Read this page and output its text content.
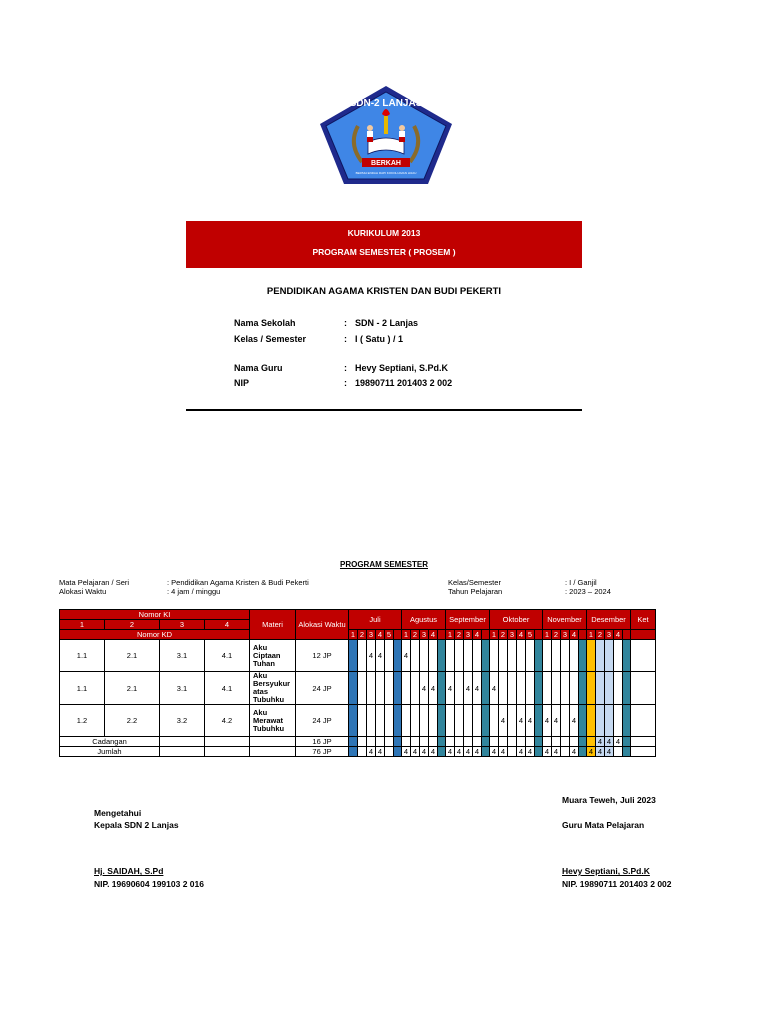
SDN-2 LANJAS
BERKAH
BERSIH ENDAH RAPI KOKOH AMAN HIJAU
KURIKULUM 2013
PROGRAM SEMESTER ( PROSEM )
PENDIDIKAN AGAMA KRISTEN DAN BUDI PEKERTI
Nama Sekolah	: SDN - 2 Lanjas
Kelas / Semester	: I ( Satu ) / 1
Nama Guru	: Hevy Septiani, S.Pd.K
NIP	: 19890711 201403 2 002
PROGRAM SEMESTER
Mata Pelajaran / Seri	: Pendidikan Agama Kristen & Budi Pekerti
Alokasi Waktu	: 4 jam / minggu
Kelas/Semester	: I / Ganjil
Tahun Pelajaran	: 2023 – 2024
Nomor KI				Materi	Alokasi Waktu	Juli						Agustus					September					Oktober						November					Desember					Ket
1	2	3	4																																			
Nomor KD						1	2	3	4	5		1	2	3	4		1	2	3	4		1	2	3	4	5		1	2	3	4		1	2	3	4		
1.1	2.1	3.1	4.1	Aku Ciptaan Tuhan	12 JP			4	4			4																										
1.1	2.1	3.1	4.1	Aku Bersyukur atas Tubuhku	24 JP									4	4		4		4	4		4																
1.2	2.2	3.2	4.2	Aku Merawat Tubuhku	24 JP																		4		4	4		4	4		4							
Cadangan					16 JP																													4	4	4		
Jumlah					76 JP			4	4			4	4	4	4		4	4	4	4		4	4		4	4		4	4		4		4	4	4			
Muara Teweh, Juli 2023
Mengetahui
Kepala SDN 2 Lanjas	Guru Mata Pelajaran
Hj. SAIDAH, S.Pd
NIP. 19690604 199103 2 016
Hevy Septiani, S.Pd.K
NIP. 19890711 201403 2 002
